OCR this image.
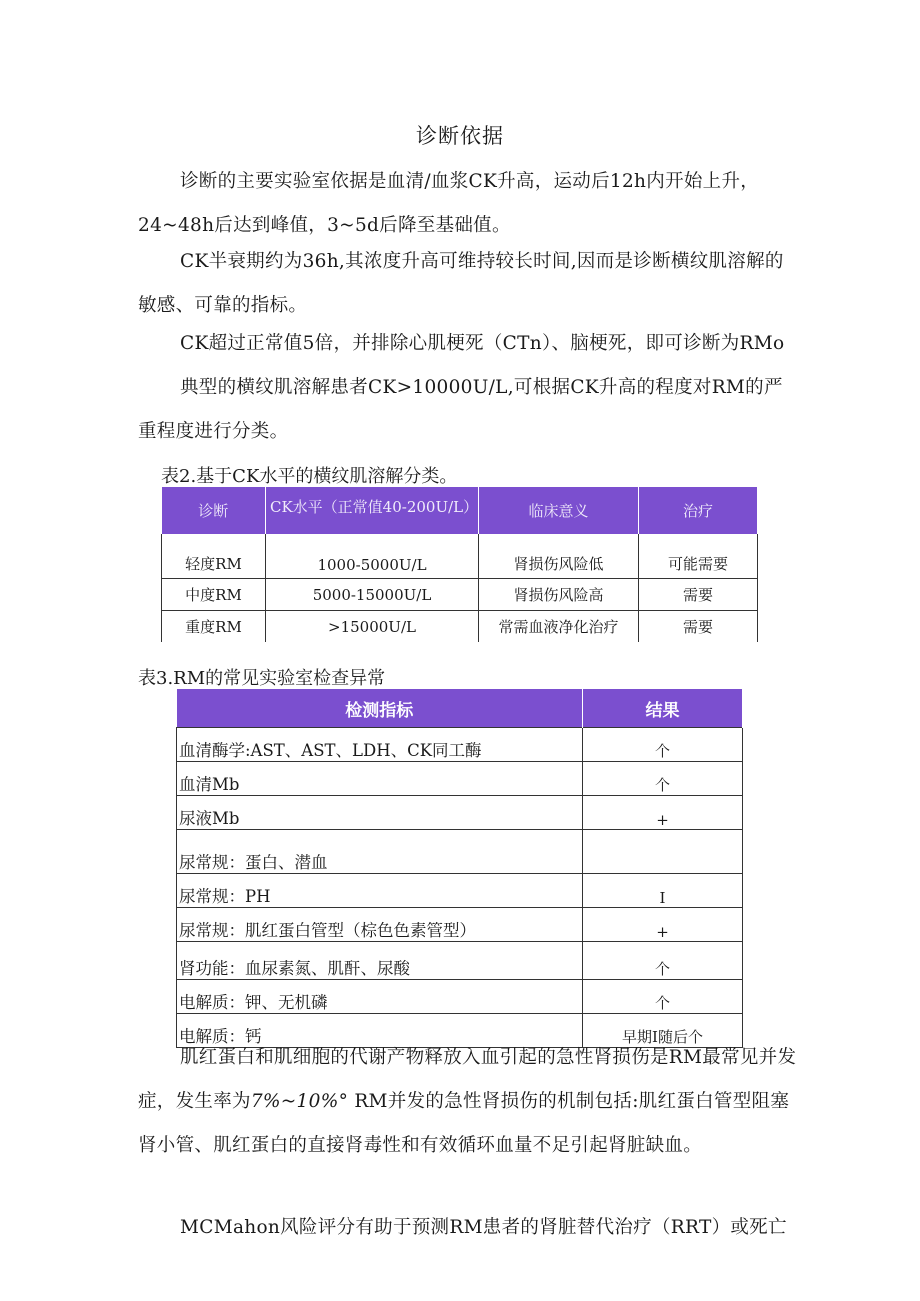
诊断依据

诊断的主要实验室依据是血清/血浆CK升高，运动后12h内开始上升，24~48h后达到峰值，3~5d后降至基础值。

CK半衰期约为36h,其浓度升高可维持较长时间,因而是诊断横纹肌溶解的敏感、可靠的指标。

CK超过正常值5倍，并排除心肌梗死（CTn）、脑梗死，即可诊断为RMo

典型的横纹肌溶解患者CK>10000U/L,可根据CK升高的程度对RM的严重程度进行分类。

表2.基于CK水平的横纹肌溶解分类。

诊断	CK水平（正常值40-200U/L）	临床意义	治疗
轻度RM	1000-5000U/L	肾损伤风险低	可能需要
中度RM	5000-15000U/L	肾损伤风险高	需要
重度RM	>15000U/L	常需血液净化治疗	需要

表3.RM的常见实验室检查异常

检测指标	结果
血清酶学:AST、AST、LDH、CK同工酶	个
血清Mb	个
尿液Mb	+
尿常规：蛋白、潜血	
尿常规：PH	I
尿常规：肌红蛋白管型（棕色色素管型）	+
肾功能：血尿素氮、肌酐、尿酸	个
电解质：钾、无机磷	个
电解质：钙	早期I随后个

肌红蛋白和肌细胞的代谢产物释放入血引起的急性肾损伤是RM最常见并发症，发生率为7%~10%° RM并发的急性肾损伤的机制包括:肌红蛋白管型阻塞肾小管、肌红蛋白的直接肾毒性和有效循环血量不足引起肾脏缺血。

MCMahon风险评分有助于预测RM患者的肾脏替代治疗（RRT）或死亡
